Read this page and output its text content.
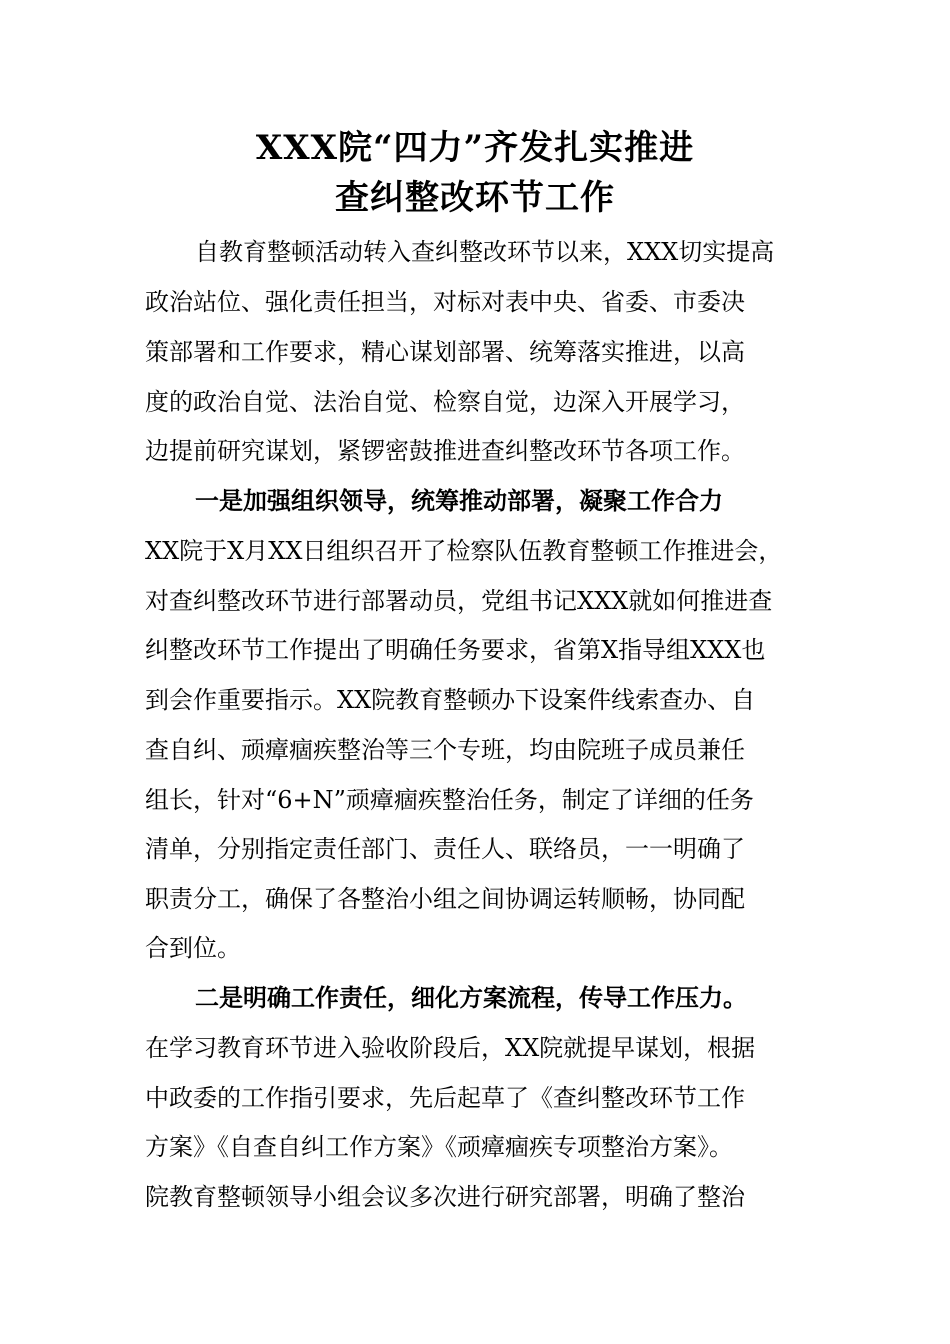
XXX院“四力”齐发扎实推进
查纠整改环节工作

自教育整顿活动转入查纠整改环节以来，XXX切实提高

政治站位、强化责任担当，对标对表中央、省委、市委决

策部署和工作要求，精心谋划部署、统筹落实推进，以高

度的政治自觉、法治自觉、检察自觉，边深入开展学习，

边提前研究谋划，紧锣密鼓推进查纠整改环节各项工作。

一是加强组织领导，统筹推动部署，凝聚工作合力

XX院于X月XX日组织召开了检察队伍教育整顿工作推进会，

对查纠整改环节进行部署动员，党组书记XXX就如何推进查

纠整改环节工作提出了明确任务要求，省第X指导组XXX也

到会作重要指示。XX院教育整顿办下设案件线索查办、自

查自纠、顽瘴痼疾整治等三个专班，均由院班子成员兼任

组长，针对“6+N”顽瘴痼疾整治任务，制定了详细的任务

清单，分别指定责任部门、责任人、联络员，一一明确了

职责分工，确保了各整治小组之间协调运转顺畅，协同配

合到位。

二是明确工作责任，细化方案流程，传导工作压力。

在学习教育环节进入验收阶段后，XX院就提早谋划，根据

中政委的工作指引要求，先后起草了《查纠整改环节工作

方案》《自查自纠工作方案》《顽瘴痼疾专项整治方案》。

院教育整顿领导小组会议多次进行研究部署，明确了整治
